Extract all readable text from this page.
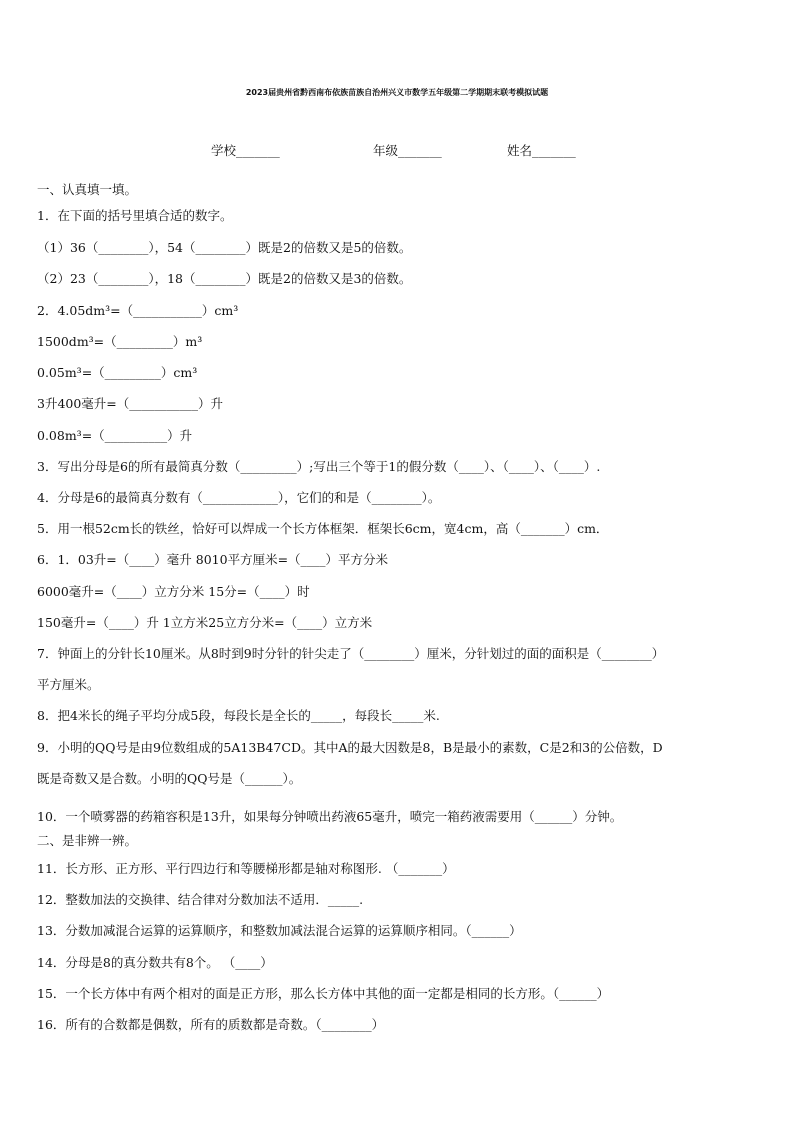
2023届贵州省黔西南布依族苗族自治州兴义市数学五年级第二学期期末联考模拟试题
学校_______	年级_______	姓名_______
一、认真填一填。
1．在下面的括号里填合适的数字。
（1）36（________），54（________）既是2的倍数又是5的倍数。
（2）23（________），18（________）既是2的倍数又是3的倍数。
2．4.05dm³=（___________）cm³
1500dm³=（_________）m³
0.05m³=（_________）cm³
3升400毫升=（___________）升
0.08m³=（__________）升
3．写出分母是6的所有最简真分数（_________）;写出三个等于1的假分数（____）、（____）、（____）.
4．分母是6的最简真分数有（____________），它们的和是（________）。
5．用一根52cm长的铁丝，恰好可以焊成一个长方体框架．框架长6cm，宽4cm，高（_______）cm．
6．1．03升=（____）毫升 8010平方厘米=（____）平方分米
6000毫升=（____）立方分米 15分=（____）时
150毫升=（____）升 1立方米25立方分米=（____）立方米
7．钟面上的分针长10厘米。从8时到9时分针的针尖走了（________）厘米，分针划过的面的面积是（________）
平方厘米。
8．把4米长的绳子平均分成5段，每段长是全长的_____，每段长_____米.
9．小明的QQ号是由9位数组成的5A13B47CD。其中A的最大因数是8，B是最小的素数，C是2和3的公倍数，D
既是奇数又是合数。小明的QQ号是（______）。
10．一个喷雾器的药箱容积是13升，如果每分钟喷出药液65毫升，喷完一箱药液需要用（______）分钟。
二、是非辨一辨。
11．长方形、正方形、平行四边行和等腰梯形都是轴对称图形. （_______）
12．整数加法的交换律、结合律对分数加法不适用．_____.
13．分数加减混合运算的运算顺序，和整数加减法混合运算的运算顺序相同。（______）
14．分母是8的真分数共有8个。 （____）
15．一个长方体中有两个相对的面是正方形，那么长方体中其他的面一定都是相同的长方形。（______）
16．所有的合数都是偶数，所有的质数都是奇数。（________）
